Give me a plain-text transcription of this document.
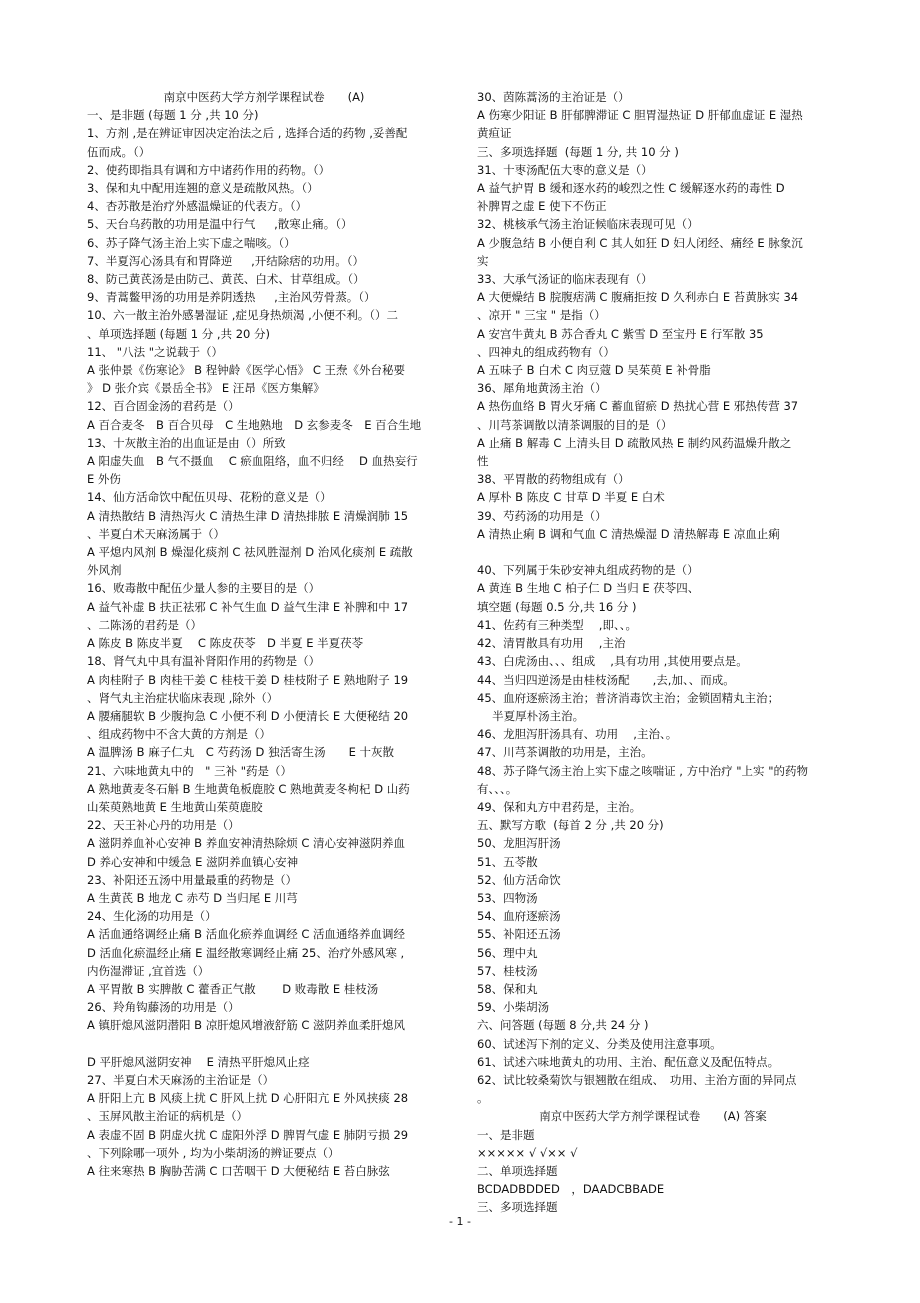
南京中医药大学方剂学课程试卷　　(A)
一、是非题 (每题 1 分 ,共 10 分)
1、方剂 ,是在辨证审因决定治法之后 , 选择合适的药物 ,妥善配
伍而成。（）
2、使药即指具有调和方中诸药作用的药物。（）
3、保和丸中配用连翘的意义是疏散风热。（）
4、杏苏散是治疗外感温燥证的代表方。（）
5、天台乌药散的功用是温中行气　  ,散寒止痛。（）
6、苏子降气汤主治上实下虚之喘咳。（）
7、半夏泻心汤具有和胃降逆　  ,开结除痞的功用。（）
8、防己黄芪汤是由防己、黄芪、白术、甘草组成。（）
9、青蒿鳖甲汤的功用是养阴透热　  ,主治风劳骨蒸。（）
10、六一散主治外感暑湿证 ,症见身热烦渴 ,小便不利。（）二
、单项选择题 (每题 1 分 ,共 20 分)
11、 "八法 "之说载于（）
A 张仲景《伤寒论》 B 程钟龄《医学心悟》 C 王焘《外台秘要
》 D 张介宾《景岳全书》 E 汪昂《医方集解》
12、百合固金汤的君药是（）
A 百合麦冬　B 百合贝母　C 生地熟地　D 玄参麦冬　E 百合生地
13、十灰散主治的出血证是由（）所致
A 阳虚失血　B 气不摄血　 C 瘀血阻络，血不归经　 D 血热妄行
E 外伤
14、仙方活命饮中配伍贝母、花粉的意义是（）
A 清热散结 B 清热泻火 C 清热生津 D 清热排脓 E 清燥润肺 15
、半夏白术天麻汤属于（）
A 平熄内风剂 B 燥湿化痰剂 C 祛风胜湿剂 D 治风化痰剂 E 疏散
外风剂
16、败毒散中配伍少量人参的主要目的是（）
A 益气补虚 B 扶正祛邪 C 补气生血 D 益气生津 E 补脾和中 17
、二陈汤的君药是（）
A 陈皮 B 陈皮半夏　 C 陈皮茯苓　D 半夏 E 半夏茯苓
18、肾气丸中具有温补肾阳作用的药物是（）
A 肉桂附子 B 肉桂干姜 C 桂枝干姜 D 桂枝附子 E 熟地附子 19
、肾气丸主治症状临床表现 ,除外（）
A 腰痛腿软 B 少腹拘急 C 小便不利 D 小便清长 E 大便秘结 20
、组成药物中不含大黄的方剂是（）
A 温脾汤 B 麻子仁丸　C 芍药汤 D 独活寄生汤　　E 十灰散
21、六味地黄丸中的　" 三补 "药是（）
A 熟地黄麦冬石斛 B 生地黄龟板鹿胶 C 熟地黄麦冬枸杞 D 山药
山茱萸熟地黄 E 生地黄山茱萸鹿胶
22、天王补心丹的功用是（）
A 滋阴养血补心安神 B 养血安神清热除烦 C 清心安神滋阴养血
D 养心安神和中缓急 E 滋阴养血镇心安神
23、补阳还五汤中用量最重的药物是（）
A 生黄芪 B 地龙 C 赤芍 D 当归尾 E 川芎
24、生化汤的功用是（）
A 活血通络调经止痛 B 活血化瘀养血调经 C 活血通络养血调经
D 活血化瘀温经止痛 E 温经散寒调经止痛 25、治疗外感风寒 ,
内伤湿滞证 ,宜首选（）
A 平胃散 B 实脾散 C 藿香正气散　　 D 败毒散 E 桂枝汤
26、羚角钩藤汤的功用是（）
A 镇肝熄风滋阴潜阳 B 凉肝熄风增液舒筋 C 滋阴养血柔肝熄风

D 平肝熄风滋阴安神　 E 清热平肝熄风止痉
27、半夏白术天麻汤的主治证是（）
A 肝阳上亢 B 风痰上扰 C 肝风上扰 D 心肝阳亢 E 外风挟痰 28
、玉屏风散主治证的病机是（）
A 表虚不固 B 阴虚火扰 C 虚阳外浮 D 脾胃气虚 E 肺阴亏损 29
、下列除哪一项外 , 均为小柴胡汤的辨证要点（）
A 往来寒热 B 胸胁苦满 C 口苦咽干 D 大便秘结 E 苔白脉弦
30、茵陈蒿汤的主治证是（）
A 伤寒少阳证 B 肝郁脾滞证 C 胆胃湿热证 D 肝郁血虚证 E 湿热
黄疸证
三、多项选择题  (每题 1 分, 共 10 分 )
31、十枣汤配伍大枣的意义是（）
A 益气护胃 B 缓和逐水药的峻烈之性 C 缓解逐水药的毒性 D
补脾胃之虚 E 使下不伤正
32、桃核承气汤主治证候临床表现可见（）
A 少腹急结 B 小便自利 C 其人如狂 D 妇人闭经、痛经 E 脉象沉
实
33、大承气汤证的临床表现有（）
A 大便燥结 B 脘腹痞满 C 腹痛拒按 D 久利赤白 E 苔黄脉实 34
、凉开 " 三宝 " 是指（）
A 安宫牛黄丸 B 苏合香丸 C 紫雪 D 至宝丹 E 行军散 35
、四神丸的组成药物有（）
A 五味子 B 白术 C 肉豆蔻 D 吴茱萸 E 补骨脂
36、犀角地黄汤主治（）
A 热伤血络 B 胃火牙痛 C 蓄血留瘀 D 热扰心营 E 邪热传营 37
、川芎茶调散以清茶调服的目的是（）
A 止痛 B 解毒 C 上清头目 D 疏散风热 E 制约风药温燥升散之
性
38、平胃散的药物组成有（）
A 厚朴 B 陈皮 C 甘草 D 半夏 E 白术
39、芍药汤的功用是（）
A 清热止痢 B 调和气血 C 清热燥湿 D 清热解毒 E 凉血止痢

40、下列属于朱砂安神丸组成药物的是（）
A 黄连 B 生地 C 柏子仁 D 当归 E 茯苓四、
填空题 (每题 0.5 分,共 16 分 )
41、佐药有三种类型　 ,即、、。
42、清胃散具有功用　 ,主治
43、白虎汤由、、、组成　 ,具有功用 ,其使用要点是。
44、当归四逆汤是由桂枝汤配　　,去,加、、而成。
45、血府逐瘀汤主治；普济消毒饮主治；金锁固精丸主治；
　 半夏厚朴汤主治。
46、龙胆泻肝汤具有、功用　 ,主治、。
47、川芎茶调散的功用是，主治。
48、苏子降气汤主治上实下虚之咳喘证 , 方中治疗 "上实 "的药物
有、、、。
49、保和丸方中君药是，主治。
五、默写方歌  (每首 2 分 ,共 20 分)
50、龙胆泻肝汤
51、五苓散
52、仙方活命饮
53、四物汤
54、血府逐瘀汤
55、补阳还五汤
56、理中丸
57、桂枝汤
58、保和丸
59、小柴胡汤
六、问答题 (每题 8 分,共 24 分 )
60、试述泻下剂的定义、分类及使用注意事项。
61、试述六味地黄丸的功用、主治、配伍意义及配伍特点。
62、试比较桑菊饮与银翘散在组成、　功用、主治方面的异同点
。
南京中医药大学方剂学课程试卷　　(A) 答案
一、是非题
××××× √ √×× √
二、单项选择题
BCDADBDDED　，DAADCBBADE
三、多项选择题
- 1 -
